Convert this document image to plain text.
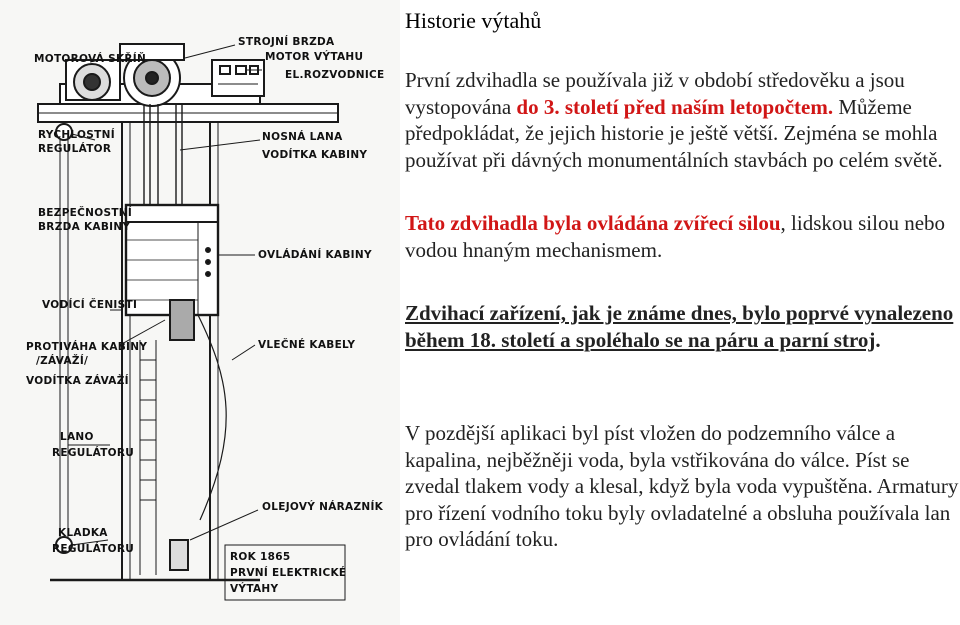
MOTOROVÁ SKŘÍŇ
STROJNÍ BRZDA
MOTOR VÝTAHU
EL.ROZVODNICE
RYCHLOSTNÍ
REGULÁTOR
NOSNÁ LANA
VODÍTKA KABINY
BEZPEČNOSTNÍ
BRZDA KABINY
OVLÁDÁNÍ KABINY
VODÍCÍ ČENISTI
PROTIVÁHA KABINY
/ZÁVAŽÍ/
VODÍTKA ZÁVAŽÍ
VLEČNÉ KABELY
LANO
REGULÁTORU
OLEJOVÝ NÁRAZNÍK
KLADKA
REGULÁTORU
ROK 1865
PRVNÍ ELEKTRICKÉ
VÝTAHY
Historie výtahů

První zdvihadla se používala již v období středověku a jsou vystopována do 3. století před naším letopočtem. Můžeme předpokládat, že jejich historie je ještě větší. Zejména se mohla používat při dávných monumentálních stavbách po celém světě.

Tato zdvihadla byla ovládána zvířecí silou, lidskou silou nebo vodou hnaným mechanismem.

Zdvihací zařízení, jak je známe dnes, bylo poprvé vynalezeno během 18. století a spoléhalo se na páru a parní stroj.

V pozdější aplikaci byl píst vložen do podzemního válce a kapalina, nejběžněji voda, byla vstřikována do válce. Píst se zvedal tlakem vody a klesal, když byla voda vypuštěna. Armatury pro řízení vodního toku byly ovladatelné a obsluha používala lan pro ovládání toku.
